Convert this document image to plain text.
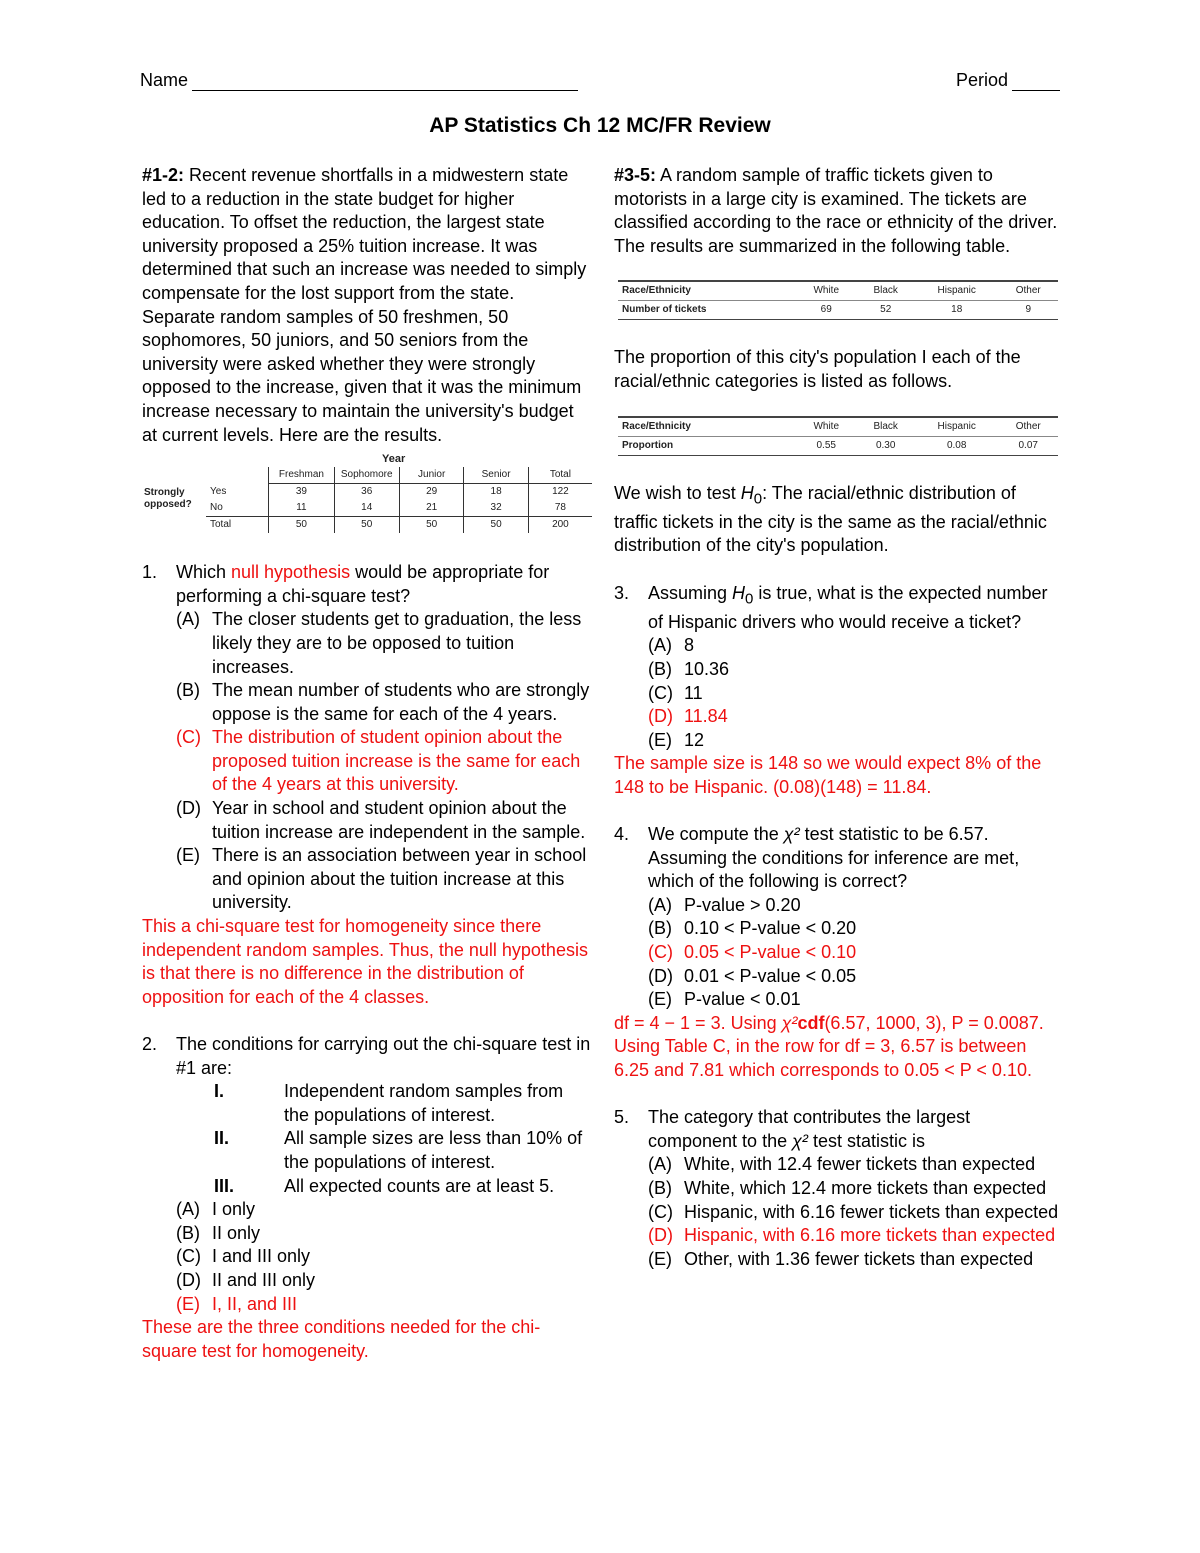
Name	Period
AP Statistics Ch 12 MC/FR Review

#1-2: Recent revenue shortfalls in a midwestern state led to a reduction in the state budget for higher education. To offset the reduction, the largest state university proposed a 25% tuition increase. It was determined that such an increase was needed to simply compensate for the lost support from the state. Separate random samples of 50 freshmen, 50 sophomores, 50 juniors, and 50 seniors from the university were asked whether they were strongly opposed to the increase, given that it was the minimum increase necessary to maintain the university's budget at current levels. Here are the results.

Year
Strongly opposed?
	Freshman	Sophomore	Junior	Senior	Total
Yes	39	36	29	18	122
No	11	14	21	32	78
Total	50	50	50	50	200
1.	Which null hypothesis would be appropriate for performing a chi-square test?
(A) The closer students get to graduation, the less likely they are to be opposed to tuition increases.
(B) The mean number of students who are strongly oppose is the same for each of the 4 years.
(C) The distribution of student opinion about the proposed tuition increase is the same for each of the 4 years at this university.
(D) Year in school and student opinion about the tuition increase are independent in the sample.
(E) There is an association between year in school and opinion about the tuition increase at this university.

This a chi-square test for homogeneity since there independent random samples. Thus, the null hypothesis is that there is no difference in the distribution of opposition for each of the 4 classes.

2.	The conditions for carrying out the chi-square test in #1 are:
I.	Independent random samples from the populations of interest.
II.	All sample sizes are less than 10% of the populations of interest.
III.	All expected counts are at least 5.
(A) I only
(B) II only
(C) I and III only
(D) II and III only
(E) I, II, and III

These are the three conditions needed for the chi-square test for homogeneity.

#3-5: A random sample of traffic tickets given to motorists in a large city is examined. The tickets are classified according to the race or ethnicity of the driver. The results are summarized in the following table.

Race/Ethnicity	White	Black	Hispanic	Other
Number of tickets	69	52	18	9

The proportion of this city's population I each of the racial/ethnic categories is listed as follows.

Race/Ethnicity	White	Black	Hispanic	Other
Proportion	0.55	0.30	0.08	0.07

We wish to test $H_0$: The racial/ethnic distribution of traffic tickets in the city is the same as the racial/ethnic distribution of the city's population.

3.	Assuming $H_0$ is true, what is the expected number of Hispanic drivers who would receive a ticket?
(A) 8
(B) 10.36
(C) 11
(D) 11.84
(E) 12

The sample size is 148 so we would expect 8% of the 148 to be Hispanic. (0.08)(148) = 11.84.

4.	We compute the χ² test statistic to be 6.57. Assuming the conditions for inference are met, which of the following is correct?
(A) P-value > 0.20
(B) 0.10 < P-value < 0.20
(C) 0.05 < P-value < 0.10
(D) 0.01 < P-value < 0.05
(E) P-value < 0.01

df = 4 − 1 = 3. Using χ²cdf(6.57, 1000, 3), P = 0.0087. Using Table C, in the row for df = 3, 6.57 is between 6.25 and 7.81 which corresponds to 0.05 < P < 0.10.

5.	The category that contributes the largest component to the χ² test statistic is
(A) White, with 12.4 fewer tickets than expected
(B) White, which 12.4 more tickets than expected
(C) Hispanic, with 6.16 fewer tickets than expected
(D) Hispanic, with 6.16 more tickets than expected
(E) Other, with 1.36 fewer tickets than expected
